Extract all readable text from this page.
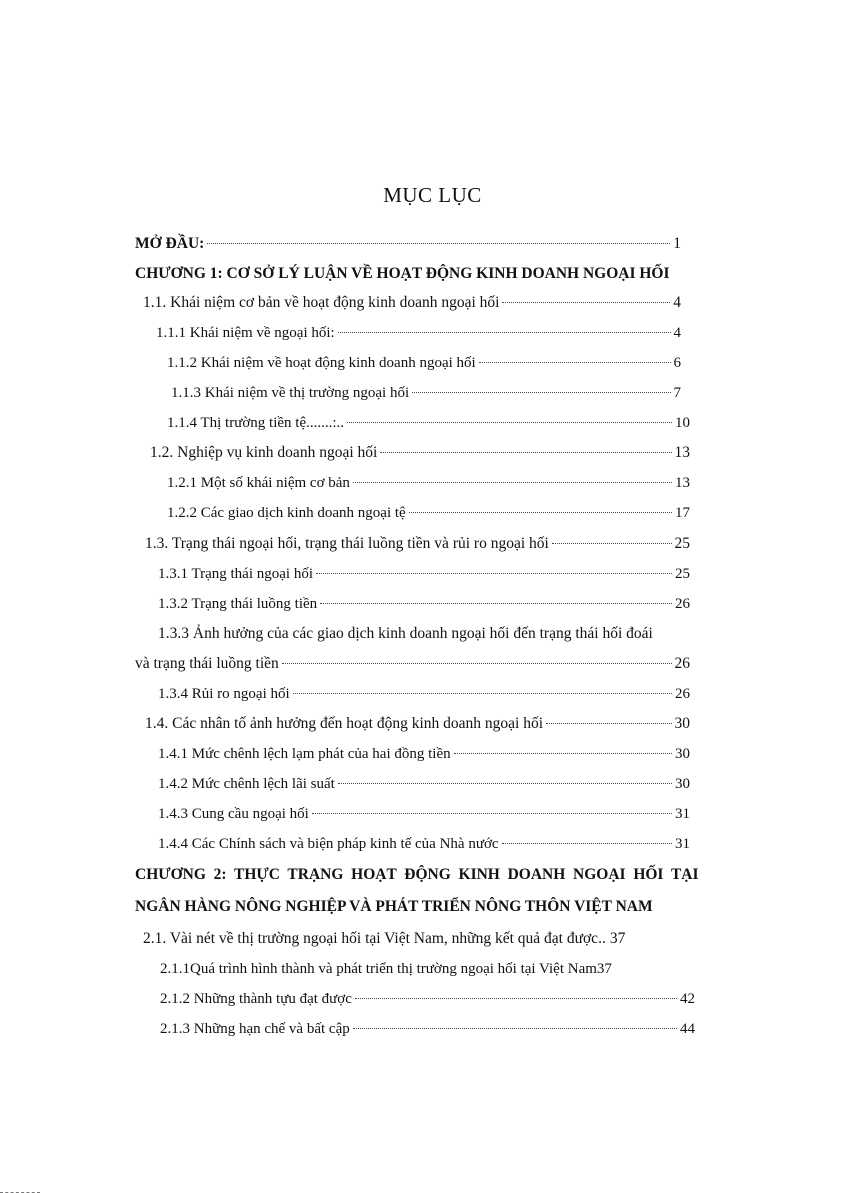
MỤC LỤC
MỞ ĐẦU:	1
CHƯƠNG 1: CƠ SỞ LÝ LUẬN VỀ HOẠT ĐỘNG KINH DOANH NGOẠI HỐI
1.1. Khái niệm cơ bản về hoạt động kinh doanh ngoại hối	4
1.1.1 Khái niệm về ngoại hối:	4
1.1.2 Khái niệm về hoạt động kinh doanh ngoại hối	6
1.1.3 Khái niệm về thị trường ngoại hối	7
1.1.4 Thị trường tiền tệ.......:..	10
1.2. Nghiệp vụ kinh doanh ngoại hối	13
1.2.1 Một số khái niệm cơ bản	13
1.2.2 Các giao dịch kinh doanh ngoại tệ	17
1.3. Trạng thái ngoại hối, trạng thái luồng tiền và rủi ro ngoại hối	25
1.3.1 Trạng thái ngoại hối	25
1.3.2 Trạng thái luồng tiền	26
1.3.3 Ảnh hưởng của các giao dịch kinh doanh ngoại hối đến trạng thái hối đoái
và trạng thái luồng tiền	26
1.3.4 Rủi ro ngoại hối	26
1.4. Các nhân tố ảnh hưởng đến hoạt động kinh doanh ngoại hối	30
1.4.1 Mức chênh lệch lạm phát của hai đồng tiền	30
1.4.2 Mức chênh lệch lãi suất	30
1.4.3 Cung cầu ngoại hối	31
1.4.4 Các Chính sách và biện pháp kinh tế của Nhà nước	31
CHƯƠNG  2:  THỰC  TRẠNG  HOẠT  ĐỘNG  KINH  DOANH  NGOẠI  HỐI  TẠI
NGÂN HÀNG NÔNG NGHIỆP VÀ PHÁT TRIỂN NÔNG THÔN VIỆT NAM
2.1. Vài nét về thị trường ngoại hối tại Việt Nam, những kết quả đạt được.. 37
2.1.1Quá trình hình thành và phát triển thị trường ngoại hối tại Việt Nam 37
2.1.2 Những thành tựu đạt được	42
2.1.3 Những hạn chế và bất cập	44
